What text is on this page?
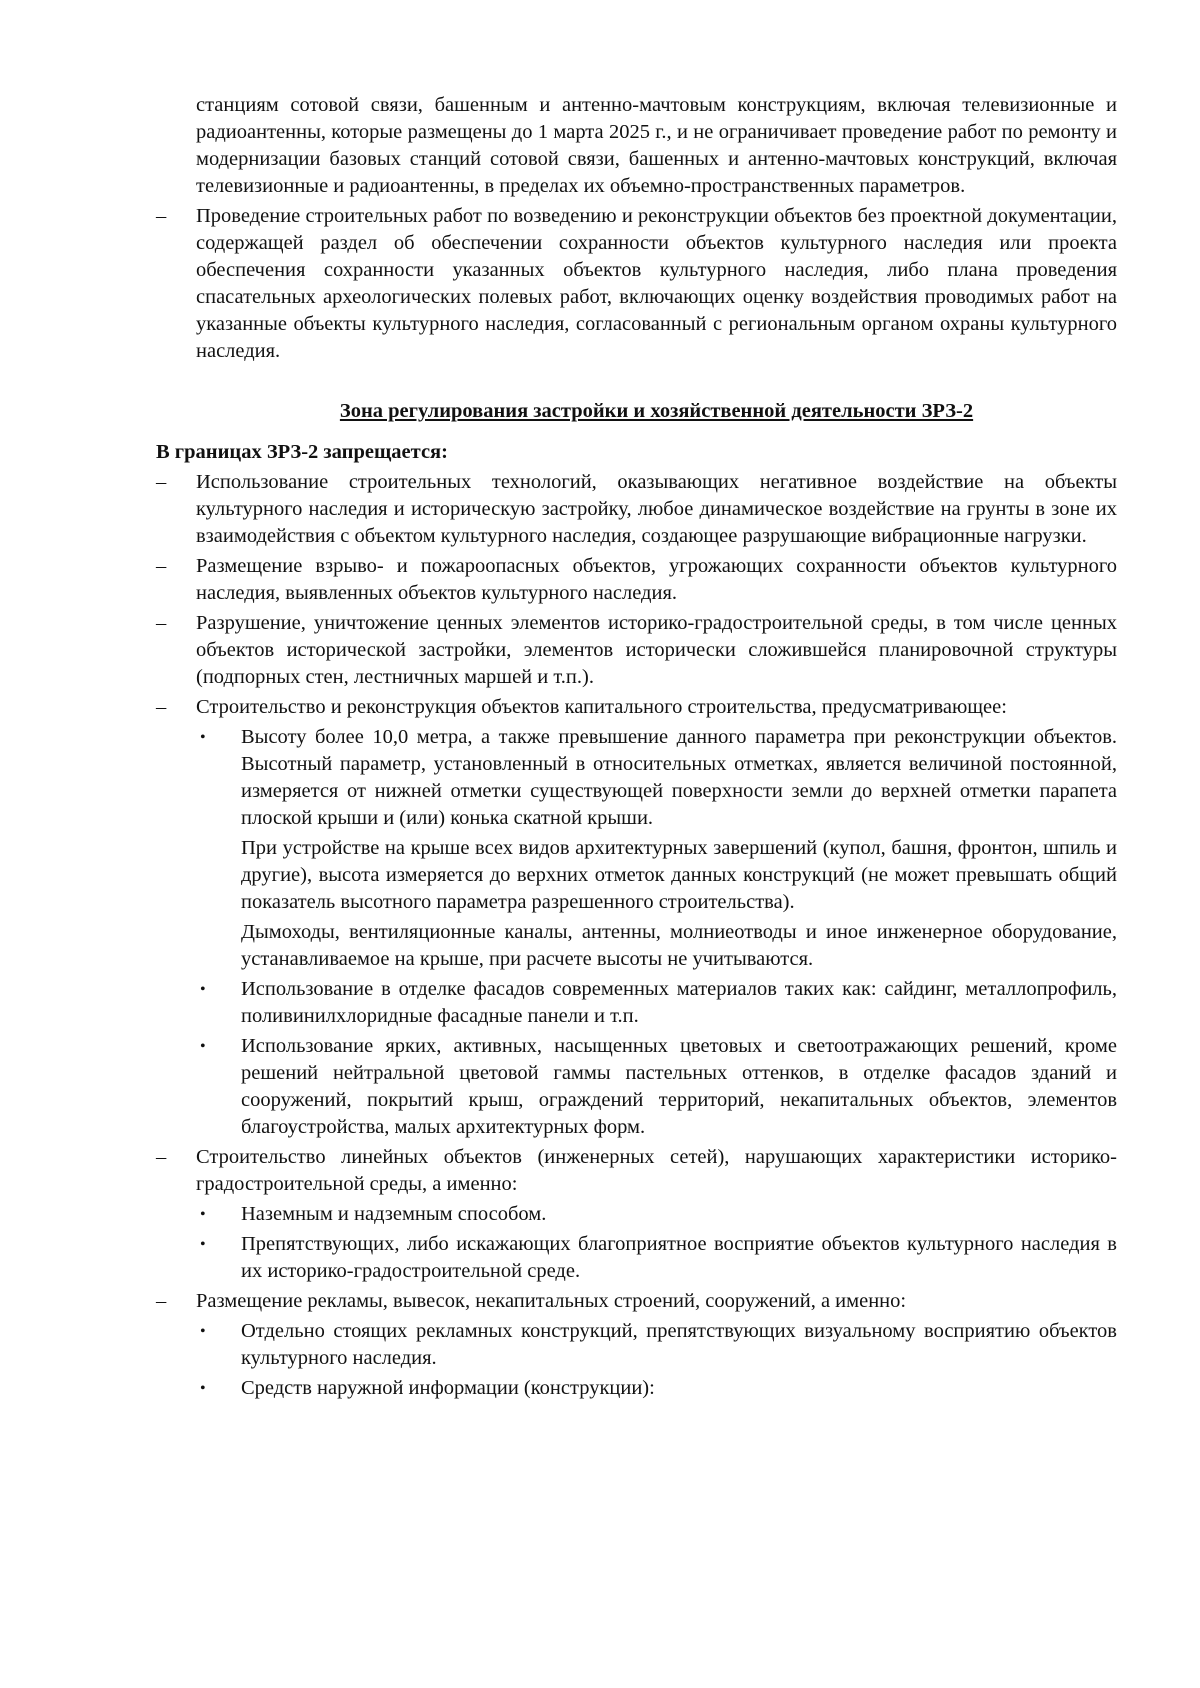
станциям сотовой связи, башенным и антенно-мачтовым конструкциям, включая телевизионные и радиоантенны, которые размещены до 1 марта 2025 г., и не ограничивает проведение работ по ремонту и модернизации базовых станций сотовой связи, башенных и антенно-мачтовых конструкций, включая телевизионные и радиоантенны, в пределах их объемно-пространственных параметров.

– Проведение строительных работ по возведению и реконструкции объектов без проектной документации, содержащей раздел об обеспечении сохранности объектов культурного наследия или проекта обеспечения сохранности указанных объектов культурного наследия, либо плана проведения спасательных археологических полевых работ, включающих оценку воздействия проводимых работ на указанные объекты культурного наследия, согласованный с региональным органом охраны культурного наследия.

Зона регулирования застройки и хозяйственной деятельности ЗРЗ-2

В границах ЗРЗ-2 запрещается:

– Использование строительных технологий, оказывающих негативное воздействие на объекты культурного наследия и историческую застройку, любое динамическое воздействие на грунты в зоне их взаимодействия с объектом культурного наследия, создающее разрушающие вибрационные нагрузки.

– Размещение взрыво- и пожароопасных объектов, угрожающих сохранности объектов культурного наследия, выявленных объектов культурного наследия.

– Разрушение, уничтожение ценных элементов историко-градостроительной среды, в том числе ценных объектов исторической застройки, элементов исторически сложившейся планировочной структуры (подпорных стен, лестничных маршей и т.п.).

– Строительство и реконструкция объектов капитального строительства, предусматривающее:

• Высоту более 10,0 метра, а также превышение данного параметра при реконструкции объектов. Высотный параметр, установленный в относительных отметках, является величиной постоянной, измеряется от нижней отметки существующей поверхности земли до верхней отметки парапета плоской крыши и (или) конька скатной крыши.

При устройстве на крыше всех видов архитектурных завершений (купол, башня, фронтон, шпиль и другие), высота измеряется до верхних отметок данных конструкций (не может превышать общий показатель высотного параметра разрешенного строительства).

Дымоходы, вентиляционные каналы, антенны, молниеотводы и иное инженерное оборудование, устанавливаемое на крыше, при расчете высоты не учитываются.

• Использование в отделке фасадов современных материалов таких как: сайдинг, металлопрофиль, поливинилхлоридные фасадные панели и т.п.

• Использование ярких, активных, насыщенных цветовых и светоотражающих решений, кроме решений нейтральной цветовой гаммы пастельных оттенков, в отделке фасадов зданий и сооружений, покрытий крыш, ограждений территорий, некапитальных объектов, элементов благоустройства, малых архитектурных форм.

– Строительство линейных объектов (инженерных сетей), нарушающих характеристики историко-градостроительной среды, а именно:

• Наземным и надземным способом.

• Препятствующих, либо искажающих благоприятное восприятие объектов культурного наследия в их историко-градостроительной среде.

– Размещение рекламы, вывесок, некапитальных строений, сооружений, а именно:

• Отдельно стоящих рекламных конструкций, препятствующих визуальному восприятию объектов культурного наследия.

• Средств наружной информации (конструкции):
